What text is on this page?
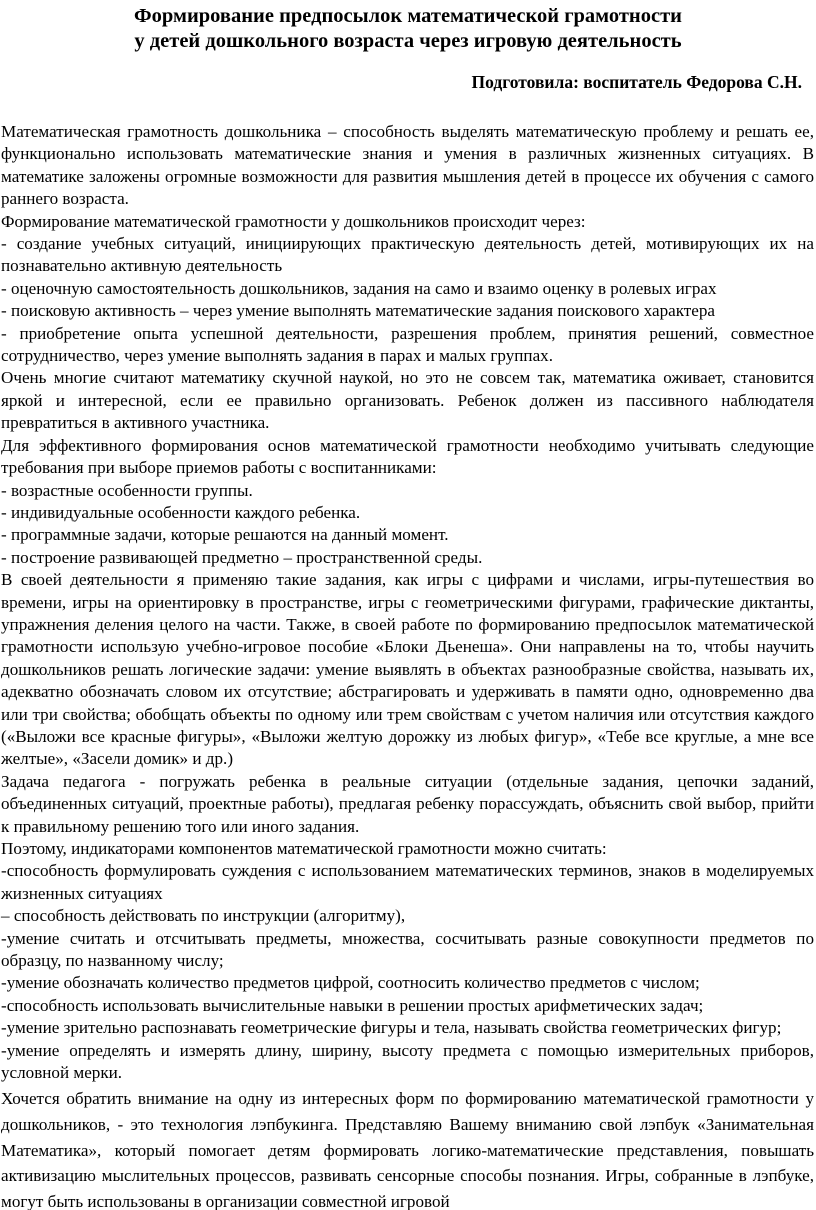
Формирование предпосылок математической грамотности
у детей дошкольного возраста через игровую деятельность

Подготовила: воспитатель Федорова С.Н.

Математическая грамотность дошкольника – способность выделять математическую проблему и решать ее, функционально использовать математические знания и умения в различных жизненных ситуациях. В математике заложены огромные возможности для развития мышления детей в процессе их обучения с самого раннего возраста.

Формирование математической грамотности у дошкольников происходит через:

- создание учебных ситуаций, инициирующих практическую деятельность детей, мотивирующих их на познавательно активную деятельность

- оценочную самостоятельность дошкольников, задания на само и взаимо оценку в ролевых играх

- поисковую активность – через умение выполнять математические задания поискового характера

- приобретение опыта успешной деятельности, разрешения проблем, принятия решений, совместное сотрудничество, через умение выполнять задания в парах и малых группах.

Очень многие считают математику скучной наукой, но это не совсем так, математика оживает, становится яркой и интересной, если ее правильно организовать. Ребенок должен из пассивного наблюдателя превратиться в активного участника.

Для эффективного формирования основ математической грамотности необходимо учитывать следующие требования при выборе приемов работы с воспитанниками:

- возрастные особенности группы.

- индивидуальные особенности каждого ребенка.

- программные задачи, которые решаются на данный момент.

- построение развивающей предметно – пространственной среды.

В своей деятельности я применяю такие задания, как игры с цифрами и числами, игры-путешествия во времени, игры на ориентировку в пространстве, игры с геометрическими фигурами, графические диктанты, упражнения деления целого на части. Также, в своей работе по формированию предпосылок математической грамотности использую учебно-игровое пособие «Блоки Дьенеша». Они направлены на то, чтобы научить дошкольников решать логические задачи: умение выявлять в объектах разнообразные свойства, называть их, адекватно обозначать словом их отсутствие; абстрагировать и удерживать в памяти одно, одновременно два или три свойства; обобщать объекты по одному или трем свойствам с учетом наличия или отсутствия каждого («Выложи все красные фигуры», «Выложи желтую дорожку из любых фигур», «Тебе все круглые, а мне все желтые», «Засели домик» и др.)

Задача педагога - погружать ребенка в реальные ситуации (отдельные задания, цепочки заданий, объединенных ситуаций, проектные работы), предлагая ребенку порассуждать, объяснить свой выбор, прийти к правильному решению того или иного задания.

Поэтому, индикаторами компонентов математической грамотности можно считать:

-способность формулировать суждения с использованием математических терминов, знаков в моделируемых жизненных ситуациях

– способность действовать по инструкции (алгоритму),

-умение считать и отсчитывать предметы, множества, сосчитывать разные совокупности предметов по образцу, по названному числу;

-умение обозначать количество предметов цифрой, соотносить количество предметов с числом;

-способность использовать вычислительные навыки в решении простых арифметических задач;

-умение зрительно распознавать геометрические фигуры и тела, называть свойства геометрических фигур;

-умение определять и измерять длину, ширину, высоту предмета с помощью измерительных приборов, условной мерки.

Хочется обратить внимание на одну из интересных форм по формированию математической грамотности у дошкольников, - это технология лэпбукинга. Представляю Вашему вниманию свой лэпбук «Занимательная Математика», который помогает детям формировать логико-математические представления, повышать активизацию мыслительных процессов, развивать сенсорные способы познания. Игры, собранные в лэпбуке, могут быть использованы в организации совместной игровой
